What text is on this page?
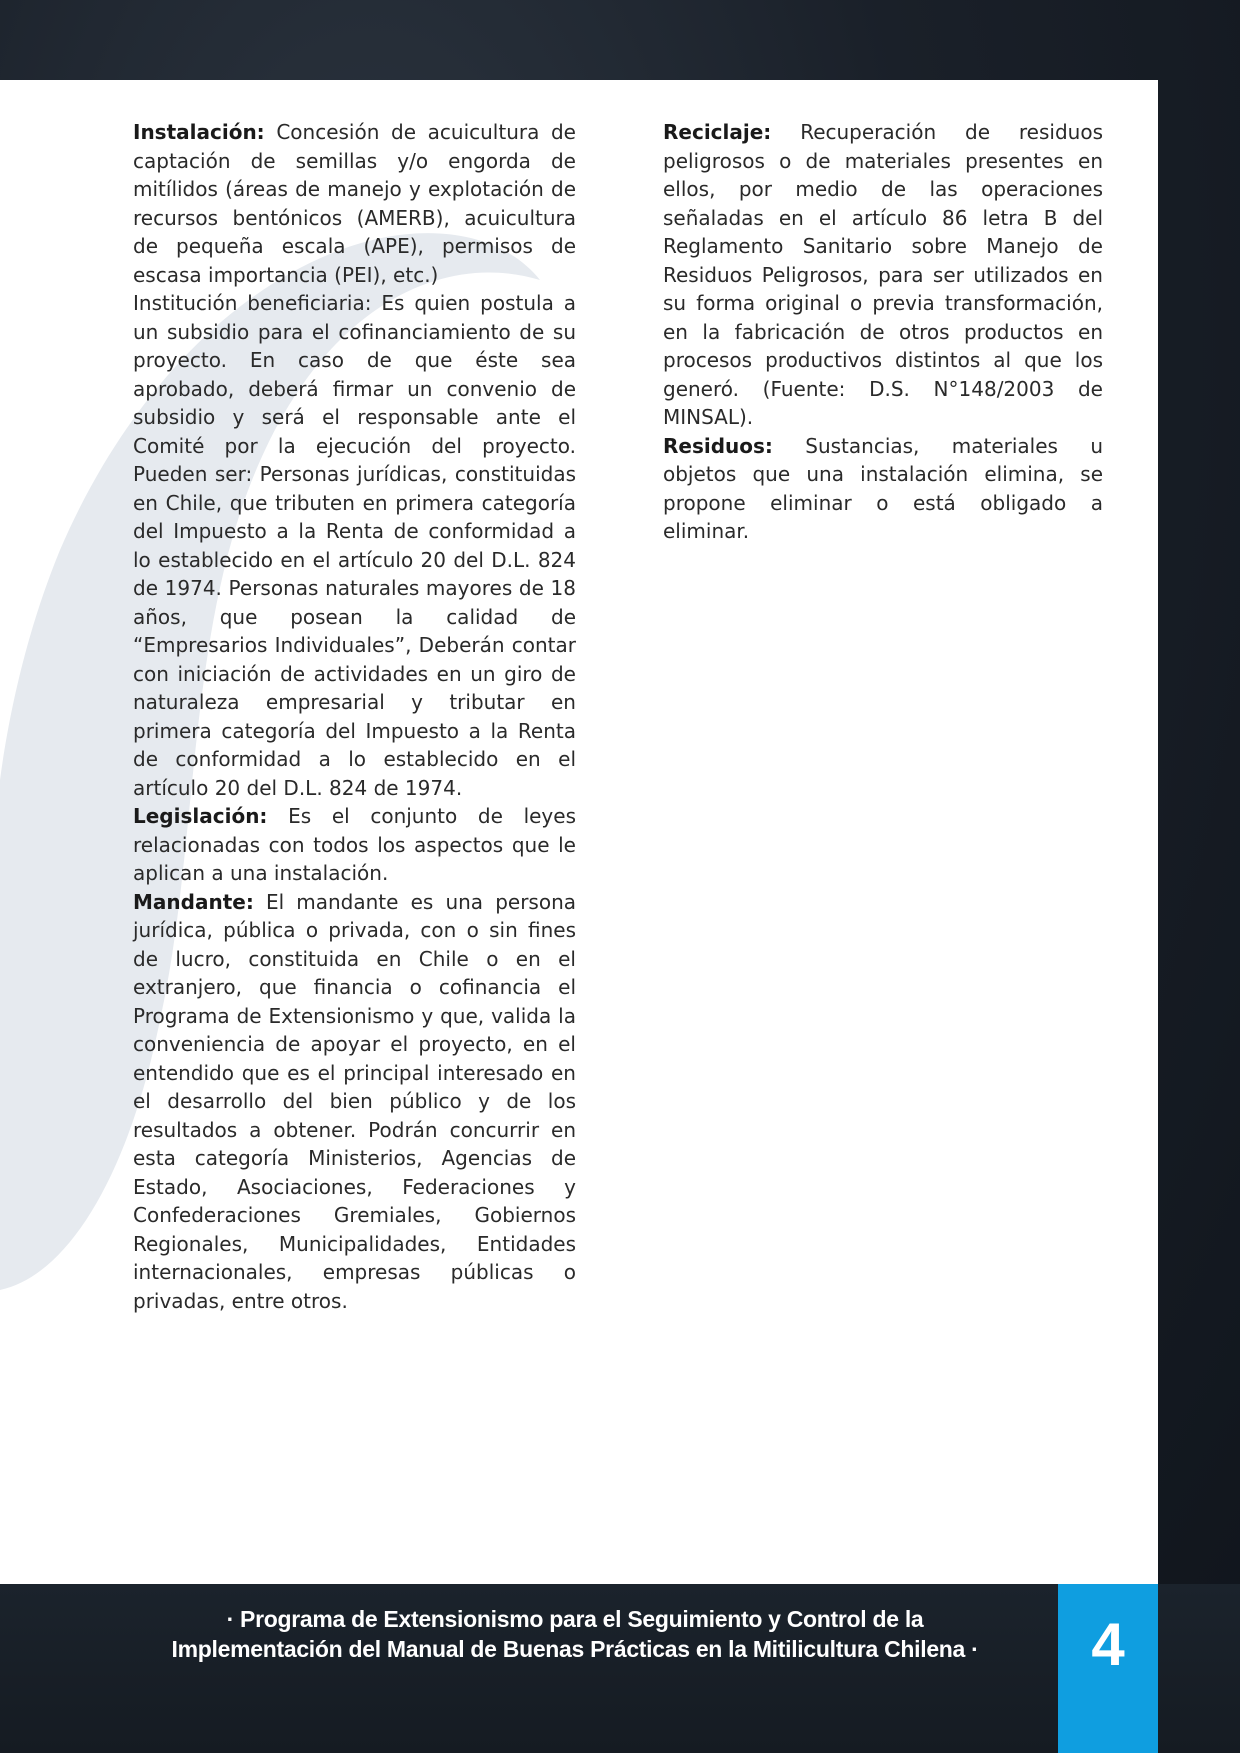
Instalación: Concesión de acuicultura de captación de semillas y/o engorda de mitílidos (áreas de manejo y explotación de recursos bentónicos (AMERB), acuicultura de pequeña escala (APE), permisos de escasa importancia (PEI), etc.)

Institución beneficiaria: Es quien postula a un subsidio para el cofinanciamiento de su proyecto. En caso de que éste sea aprobado, deberá firmar un convenio de subsidio y será el responsable ante el Comité por la ejecución del proyecto. Pueden ser: Personas jurídicas, constituidas en Chile, que tributen en primera categoría del Impuesto a la Renta de conformidad a lo establecido en el artículo 20 del D.L. 824 de 1974. Personas naturales mayores de 18 años, que posean la calidad de “Empresarios Individuales”, Deberán contar con iniciación de actividades en un giro de naturaleza empresarial y tributar en primera categoría del Impuesto a la Renta de conformidad a lo establecido en el artículo 20 del D.L. 824 de 1974.

Legislación: Es el conjunto de leyes relacionadas con todos los aspectos que le aplican a una instalación.

Mandante: El mandante es una persona jurídica, pública o privada, con o sin fines de lucro, constituida en Chile o en el extranjero, que financia o cofinancia el Programa de Extensionismo y que, valida la conveniencia de apoyar el proyecto, en el entendido que es el principal interesado en el desarrollo del bien público y de los resultados a obtener. Podrán concurrir en esta categoría Ministerios, Agencias de Estado, Asociaciones, Federaciones y Confederaciones Gremiales, Gobiernos Regionales, Municipalidades, Entidades internacionales, empresas públicas o privadas, entre otros.

Reciclaje: Recuperación de residuos peligrosos o de materiales presentes en ellos, por medio de las operaciones señaladas en el artículo 86 letra B del Reglamento Sanitario sobre Manejo de Residuos Peligrosos, para ser utilizados en su forma original o previa transformación, en la fabricación de otros productos en procesos productivos distintos al que los generó. (Fuente: D.S. N°148/2003 de MINSAL).

Residuos: Sustancias, materiales u objetos que una instalación elimina, se propone eliminar o está obligado a eliminar.

· Programa de Extensionismo para el Seguimiento y Control de la
Implementación del Manual de Buenas Prácticas en la Mitilicultura Chilena ·	4
